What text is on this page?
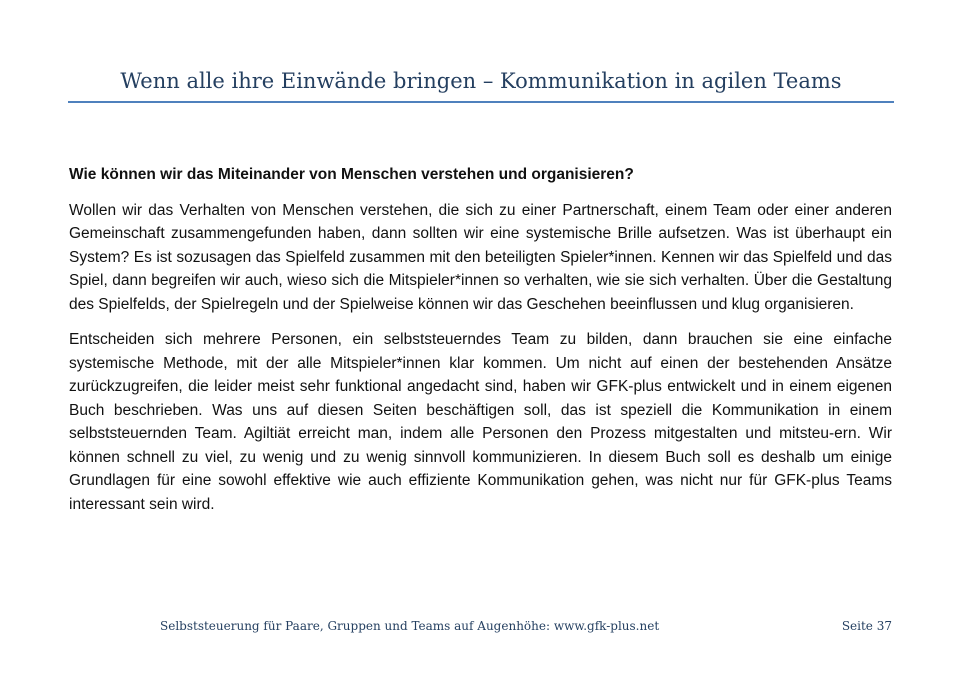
Wenn alle ihre Einwände bringen – Kommunikation in agilen Teams

Wie können wir das Miteinander von Menschen verstehen und organisieren?

Wollen wir das Verhalten von Menschen verstehen, die sich zu einer Partnerschaft, einem Team oder einer anderen Gemeinschaft zusammengefunden haben, dann sollten wir eine systemische Brille aufsetzen. Was ist überhaupt ein System? Es ist sozusagen das Spielfeld zusammen mit den beteiligten Spieler*innen. Kennen wir das Spielfeld und das Spiel, dann begreifen wir auch, wieso sich die Mitspieler*innen so verhalten, wie sie sich verhalten. Über die Gestaltung des Spielfelds, der Spielregeln und der Spielweise können wir das Geschehen beeinflussen und klug organisieren.

Entscheiden sich mehrere Personen, ein selbststeuerndes Team zu bilden, dann brauchen sie eine einfache systemische Methode, mit der alle Mitspieler*innen klar kommen. Um nicht auf einen der bestehenden Ansätze zurückzugreifen, die leider meist sehr funktional angedacht sind, haben wir GFK-plus entwickelt und in einem eigenen Buch beschrieben. Was uns auf diesen Seiten beschäftigen soll, das ist speziell die Kommunikation in einem selbststeuernden Team. Agiltiät erreicht man, indem alle Personen den Prozess mitgestalten und mitsteu-ern. Wir können schnell zu viel, zu wenig und zu wenig sinnvoll kommunizieren. In diesem Buch soll es deshalb um einige Grundlagen für eine sowohl effektive wie auch effiziente Kommunikation gehen, was nicht nur für GFK-plus Teams interessant sein wird.

Selbststeuerung für Paare, Gruppen und Teams auf Augenhöhe: www.gfk-plus.net	Seite 37
